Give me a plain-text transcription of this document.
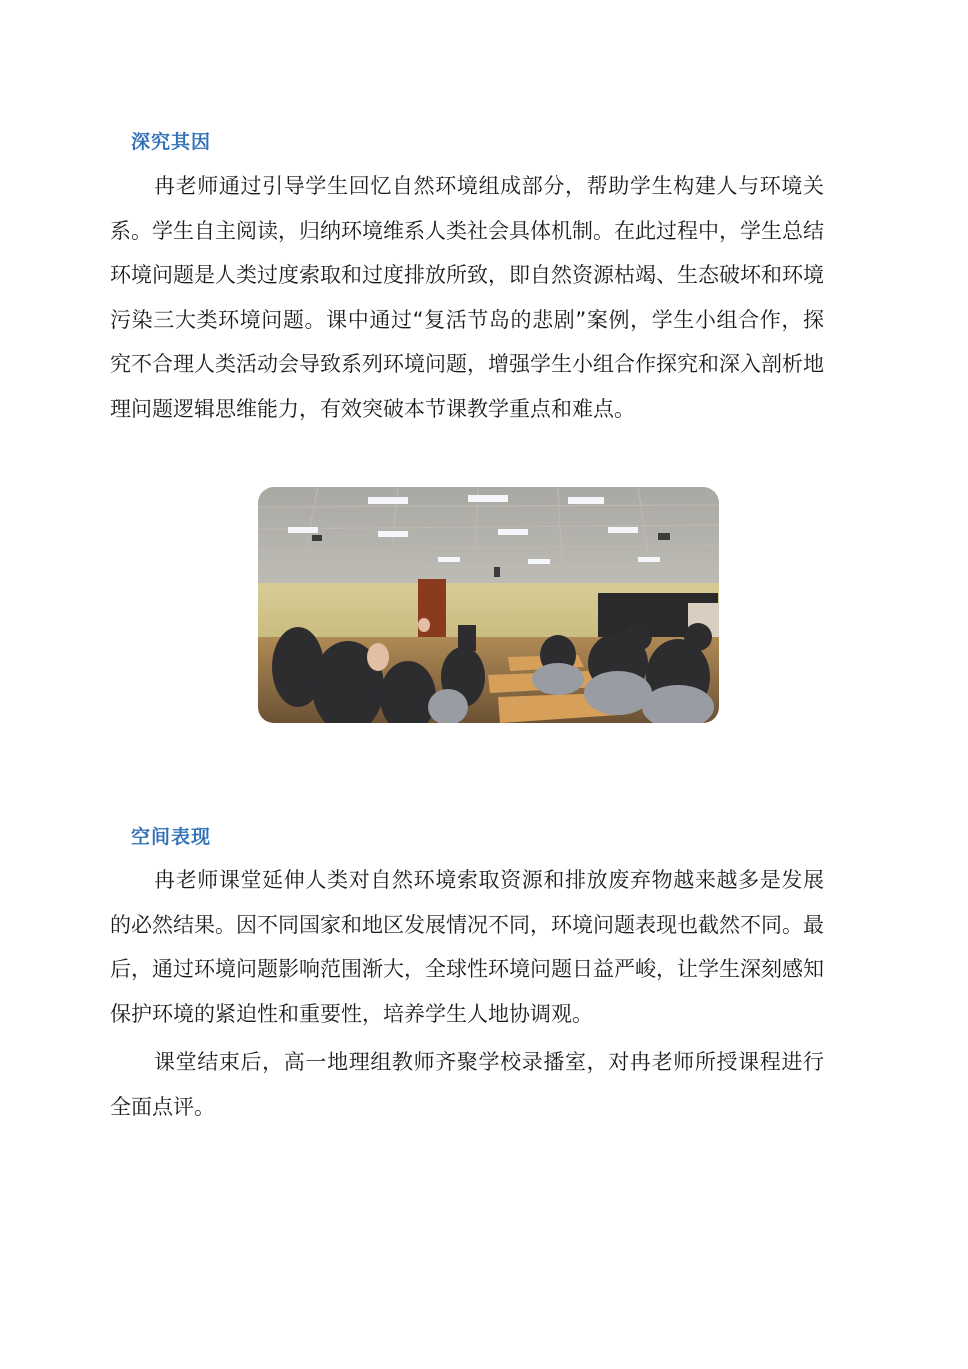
深究其因

冉老师通过引导学生回忆自然环境组成部分，帮助学生构建人与环境关系。学生自主阅读，归纳环境维系人类社会具体机制。在此过程中，学生总结环境问题是人类过度索取和过度排放所致，即自然资源枯竭、生态破坏和环境污染三大类环境问题。课中通过“复活节岛的悲剧”案例，学生小组合作，探究不合理人类活动会导致系列环境问题，增强学生小组合作探究和深入剖析地理问题逻辑思维能力，有效突破本节课教学重点和难点。

空间表现

冉老师课堂延伸人类对自然环境索取资源和排放废弃物越来越多是发展的必然结果。因不同国家和地区发展情况不同，环境问题表现也截然不同。最后，通过环境问题影响范围渐大，全球性环境问题日益严峻，让学生深刻感知保护环境的紧迫性和重要性，培养学生人地协调观。

课堂结束后，高一地理组教师齐聚学校录播室，对冉老师所授课程进行全面点评。
